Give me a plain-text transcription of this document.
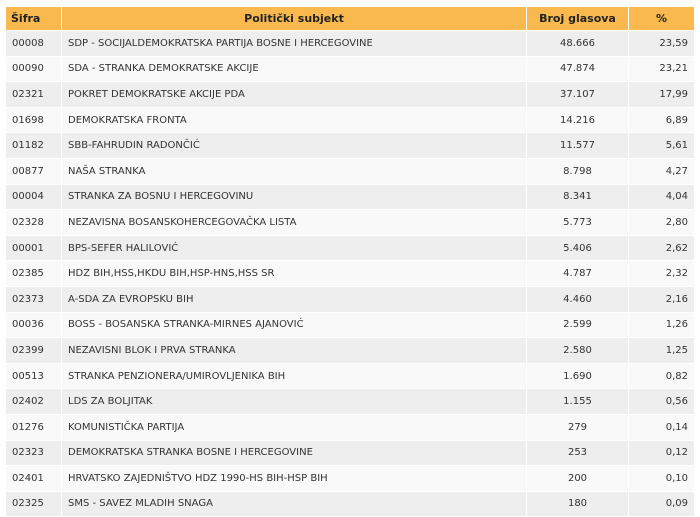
Šifra	Politički subjekt	Broj glasova	%
00008	SDP - SOCIJALDEMOKRATSKA PARTIJA BOSNE I HERCEGOVINE	48.666	23,59
00090	SDA - STRANKA DEMOKRATSKE AKCIJE	47.874	23,21
02321	POKRET DEMOKRATSKE AKCIJE PDA	37.107	17,99
01698	DEMOKRATSKA FRONTA	14.216	6,89
01182	SBB-FAHRUDIN RADONČIĆ	11.577	5,61
00877	NAŠA STRANKA	8.798	4,27
00004	STRANKA ZA BOSNU I HERCEGOVINU	8.341	4,04
02328	NEZAVISNA BOSANSKOHERCEGOVAČKA LISTA	5.773	2,80
00001	BPS-SEFER HALILOVIĆ	5.406	2,62
02385	HDZ BIH,HSS,HKDU BIH,HSP-HNS,HSS SR	4.787	2,32
02373	A-SDA ZA EVROPSKU BIH	4.460	2,16
00036	BOSS - BOSANSKA STRANKA-MIRNES AJANOVIĆ	2.599	1,26
02399	NEZAVISNI BLOK I PRVA STRANKA	2.580	1,25
00513	STRANKA PENZIONERA/UMIROVLJENIKA BIH	1.690	0,82
02402	LDS ZA BOLJITAK	1.155	0,56
01276	KOMUNISTIČKA PARTIJA	279	0,14
02323	DEMOKRATSKA STRANKA BOSNE I HERCEGOVINE	253	0,12
02401	HRVATSKO ZAJEDNIŠTVO HDZ 1990-HS BIH-HSP BIH	200	0,10
02325	SMS - SAVEZ MLADIH SNAGA	180	0,09
